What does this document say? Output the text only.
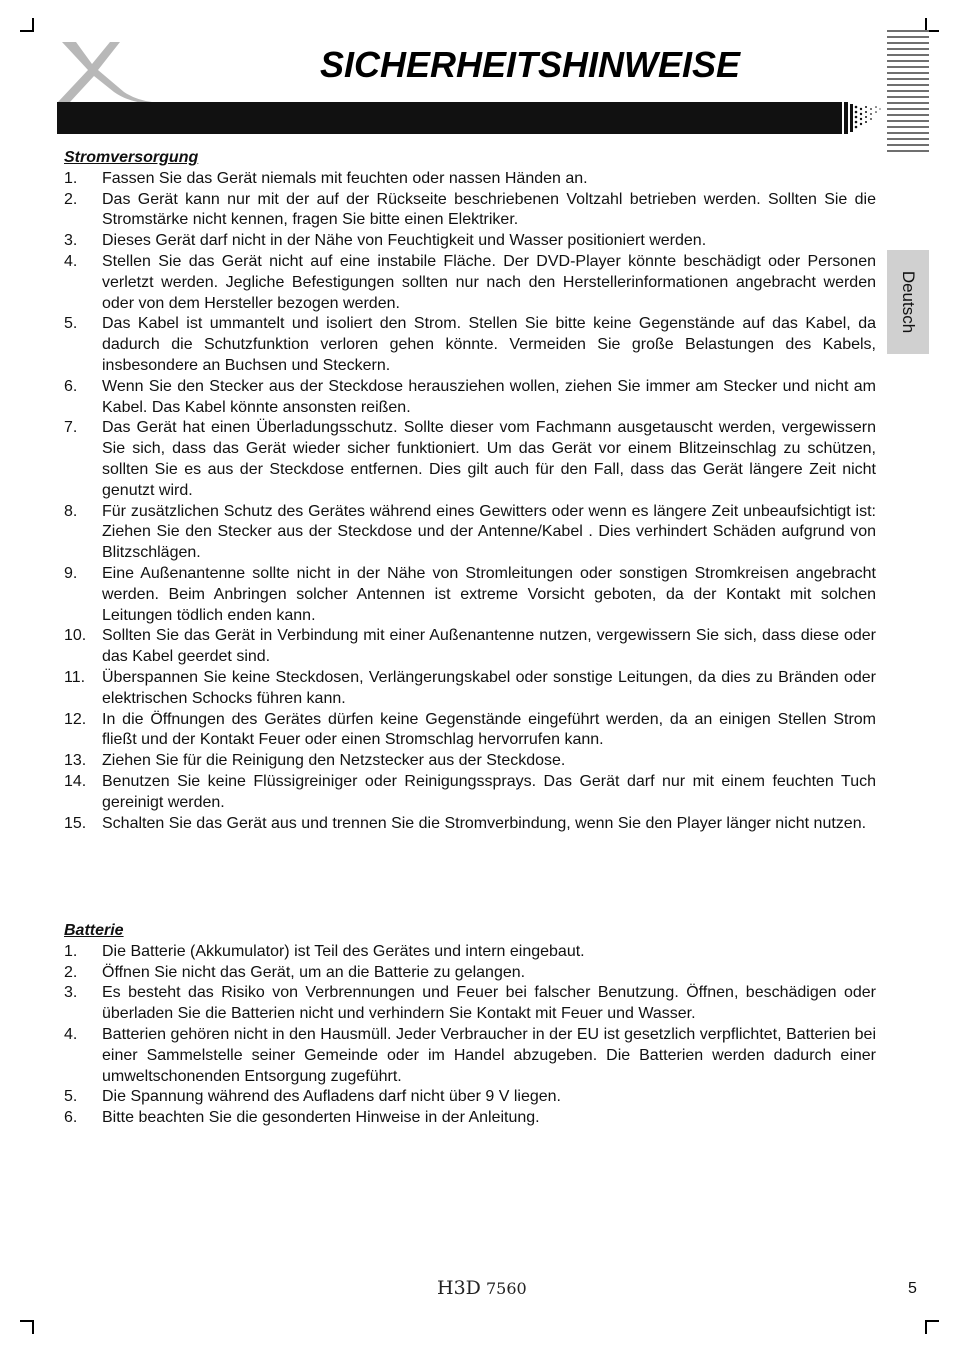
SICHERHEITSHINWEISE
Deutsch

Stromversorgung

1. Fassen Sie das Gerät niemals mit feuchten oder nassen Händen an.
2. Das Gerät kann nur mit der auf der Rückseite beschriebenen Voltzahl betrieben werden. Sollten Sie die Stromstärke nicht kennen, fragen Sie bitte einen Elektriker.
3. Dieses Gerät darf nicht in der Nähe von Feuchtigkeit und Wasser positioniert werden.
4. Stellen Sie das Gerät nicht auf eine instabile Fläche. Der DVD-Player könnte beschädigt oder Personen verletzt werden. Jegliche Befestigungen sollten nur nach den Herstellerinformationen angebracht werden oder von dem Hersteller bezogen werden.
5. Das Kabel ist ummantelt und isoliert den Strom. Stellen Sie bitte keine Gegenstände auf das Kabel, da dadurch die Schutzfunktion verloren gehen könnte. Vermeiden Sie große Belastungen des Kabels, insbesondere an Buchsen und Steckern.
6. Wenn Sie den Stecker aus der Steckdose herausziehen wollen, ziehen Sie immer am Stecker und nicht am Kabel. Das Kabel könnte ansonsten reißen.
7. Das Gerät hat einen Überladungsschutz. Sollte dieser vom Fachmann ausgetauscht werden, vergewissern Sie sich, dass das Gerät wieder sicher funktioniert. Um das Gerät vor einem Blitzeinschlag zu schützen, sollten Sie es aus der Steckdose entfernen. Dies gilt auch für den Fall, dass das Gerät längere Zeit nicht genutzt wird.
8. Für zusätzlichen Schutz des Gerätes während eines Gewitters oder wenn es längere Zeit unbeaufsichtigt ist: Ziehen Sie den Stecker aus der Steckdose und der Antenne/Kabel . Dies verhindert Schäden aufgrund von Blitzschlägen.
9. Eine Außenantenne sollte nicht in der Nähe von Stromleitungen oder sonstigen Stromkreisen angebracht werden. Beim Anbringen solcher Antennen ist extreme Vorsicht geboten, da der Kontakt mit solchen Leitungen tödlich enden kann.
10. Sollten Sie das Gerät in Verbindung mit einer Außenantenne nutzen, vergewissern Sie sich, dass diese oder das Kabel geerdet sind.
11. Überspannen Sie keine Steckdosen, Verlängerungskabel oder sonstige Leitungen, da dies zu Bränden oder elektrischen Schocks führen kann.
12. In die Öffnungen des Gerätes dürfen keine Gegenstände eingeführt werden, da an einigen Stellen Strom fließt und der Kontakt Feuer oder einen Stromschlag hervorrufen kann.
13. Ziehen Sie für die Reinigung den Netzstecker aus der Steckdose.
14. Benutzen Sie keine Flüssigreiniger oder Reinigungssprays. Das Gerät darf nur mit einem feuchten Tuch gereinigt werden.
15. Schalten Sie das Gerät aus und trennen Sie die Stromverbindung, wenn Sie den Player länger nicht nutzen.

Batterie

1. Die Batterie (Akkumulator) ist Teil des Gerätes und intern eingebaut.
2. Öffnen Sie nicht das Gerät, um an die Batterie zu gelangen.
3. Es besteht das Risiko von Verbrennungen und Feuer bei falscher Benutzung. Öffnen, beschädigen oder überladen Sie die Batterien nicht und verhindern Sie Kontakt mit Feuer und Wasser.
4. Batterien gehören nicht in den Hausmüll. Jeder Verbraucher in der EU ist gesetzlich verpflichtet, Batterien bei einer Sammelstelle seiner Gemeinde oder im Handel abzugeben. Die Batterien werden dadurch einer umweltschonenden Entsorgung zugeführt.
5. Die Spannung während des Aufladens darf nicht über 9 V liegen.
6. Bitte beachten Sie die gesonderten Hinweise in der Anleitung.
H3D 7560	5
